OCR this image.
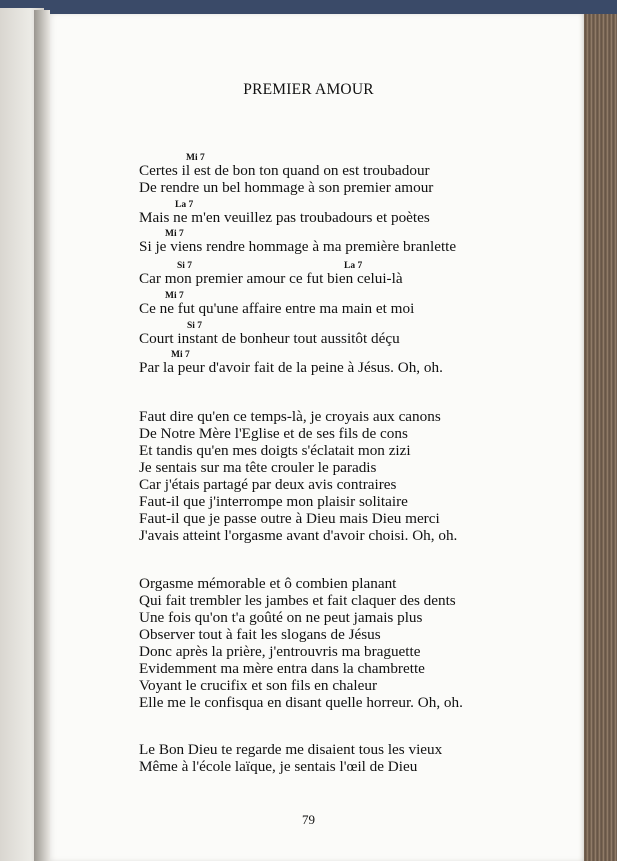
PREMIER AMOUR
Mi 7
Certes il est de bon ton quand on est troubadour
De rendre un bel hommage à son premier amour
La 7
Mais ne m'en veuillez pas troubadours et poètes
Mi 7
Si je viens rendre hommage à ma première branlette
Si 7	La 7
Car mon premier amour ce fut bien celui-là
Mi 7
Ce ne fut qu'une affaire entre ma main et moi
Si 7
Court instant de bonheur tout aussitôt déçu
Mi 7
Par la peur d'avoir fait de la peine à Jésus. Oh, oh.
Faut dire qu'en ce temps-là, je croyais aux canons
De Notre Mère l'Eglise et de ses fils de cons
Et tandis qu'en mes doigts s'éclatait mon zizi
Je sentais sur ma tête crouler le paradis
Car j'étais partagé par deux avis contraires
Faut-il que j'interrompe mon plaisir solitaire
Faut-il que je passe outre à Dieu mais Dieu merci
J'avais atteint l'orgasme avant d'avoir choisi. Oh, oh.
Orgasme mémorable et ô combien planant
Qui fait trembler les jambes et fait claquer des dents
Une fois qu'on t'a goûté on ne peut jamais plus
Observer tout à fait les slogans de Jésus
Donc après la prière, j'entrouvris ma braguette
Evidemment ma mère entra dans la chambrette
Voyant le crucifix et son fils en chaleur
Elle me le confisqua en disant quelle horreur. Oh, oh.
Le Bon Dieu te regarde me disaient tous les vieux
Même à l'école laïque, je sentais l'œil de Dieu
79
